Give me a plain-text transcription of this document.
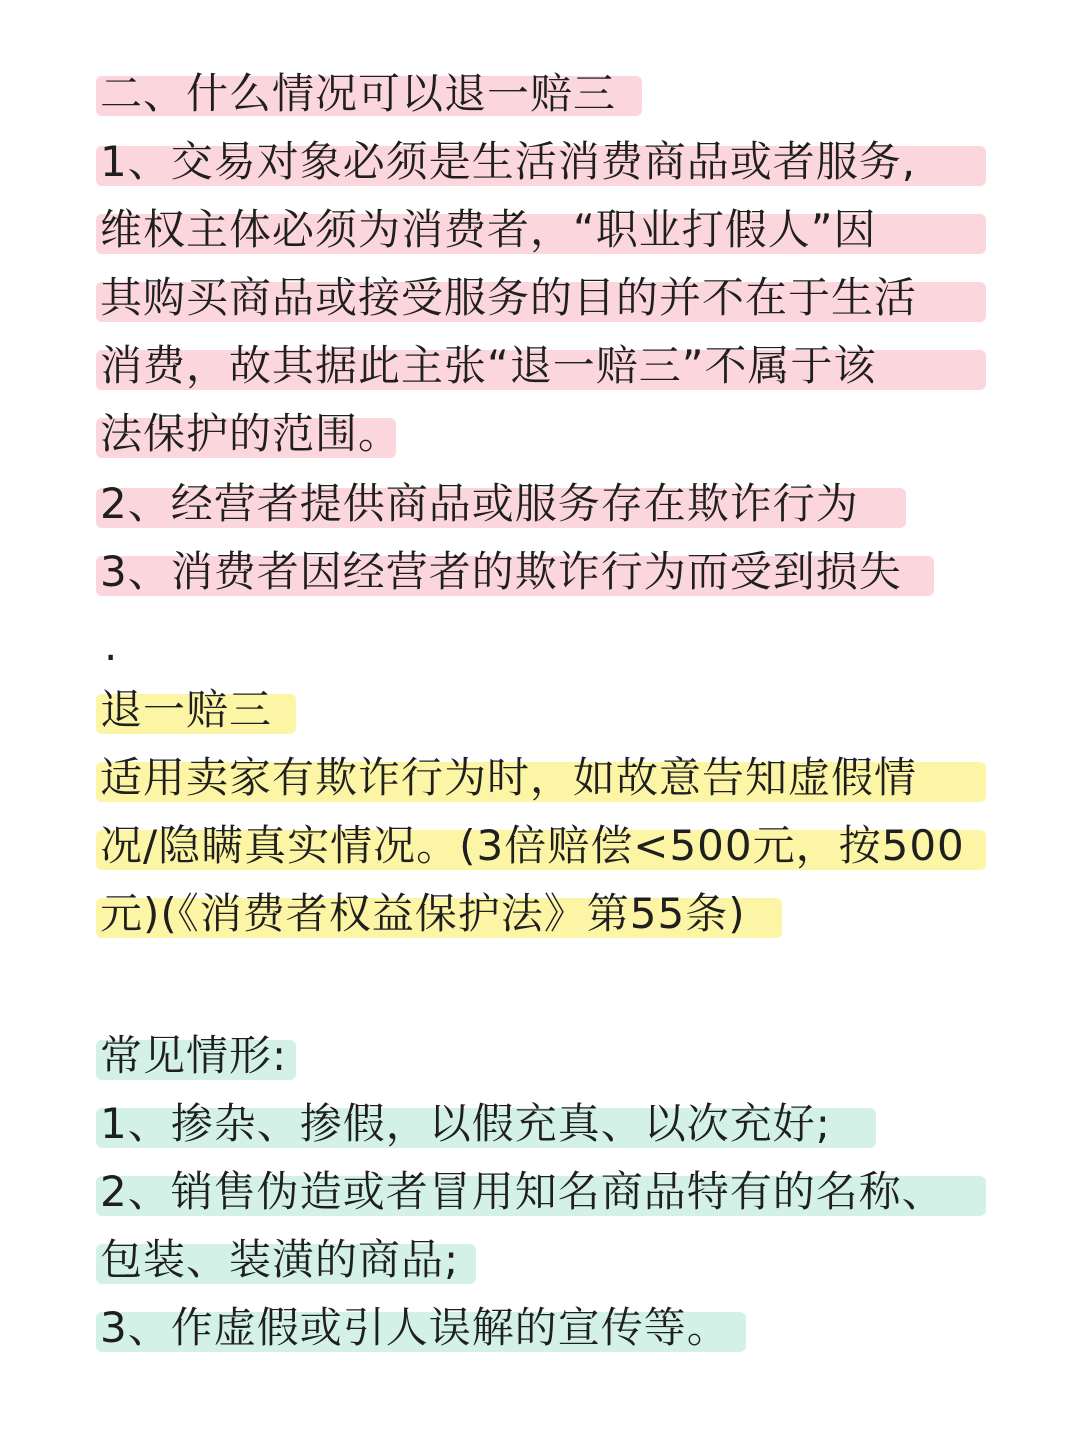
二、什么情况可以退一赔三
1、交易对象必须是生活消费商品或者服务,
维权主体必须为消费者，“职业打假人”因
其购买商品或接受服务的目的并不在于生活
消费，故其据此主张“退一赔三”不属于该
法保护的范围。
2、经营者提供商品或服务存在欺诈行为
3、消费者因经营者的欺诈行为而受到损失
.
退一赔三
适用卖家有欺诈行为时，如故意告知虚假情
况/隐瞒真实情况。(3倍赔偿<500元，按500
元)(《消费者权益保护法》第55条)
常见情形:
1、掺杂、掺假，以假充真、以次充好;
2、销售伪造或者冒用知名商品特有的名称、
包装、装潢的商品;
3、作虚假或引人误解的宣传等。
